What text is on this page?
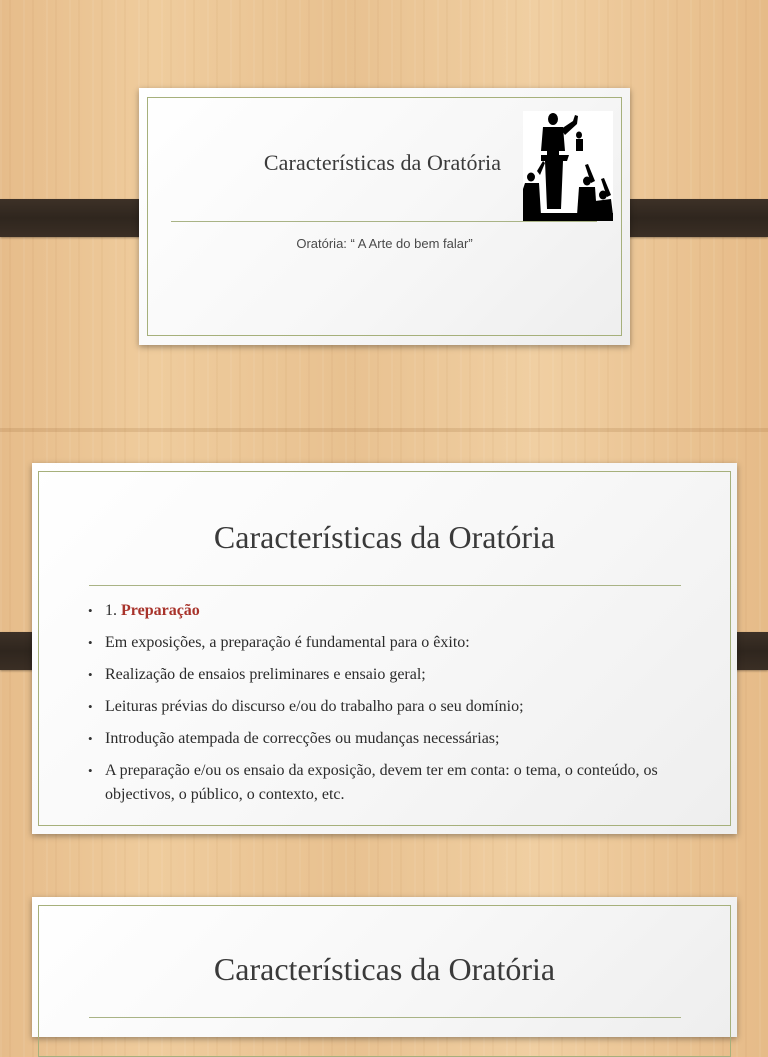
Características da Oratória
Oratória: “ A Arte do bem falar”
Características da Oratória
• 1. Preparação
• Em exposições, a preparação é fundamental para o êxito:
• Realização de ensaios preliminares e ensaio geral;
• Leituras prévias do discurso e/ou do trabalho para o seu domínio;
• Introdução atempada de correcções ou mudanças necessárias;
• A preparação e/ou os ensaio da exposição, devem ter em conta: o tema, o conteúdo, os objectivos, o público, o contexto, etc.
Características da Oratória
